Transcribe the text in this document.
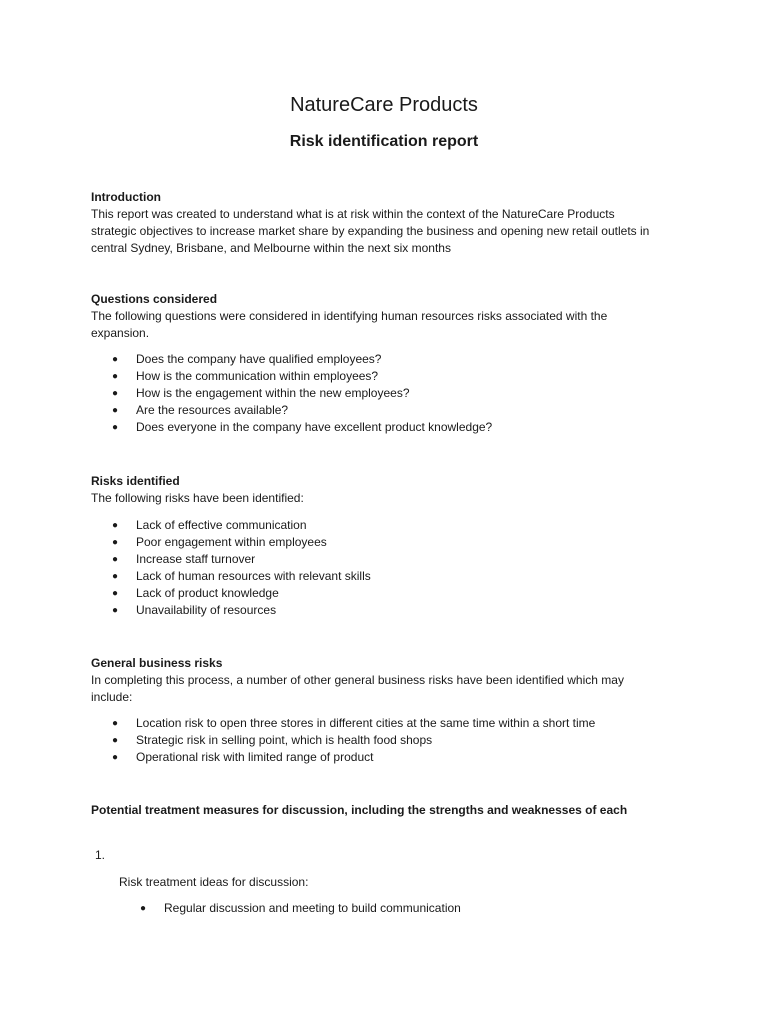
NatureCare Products
Risk identification report

Introduction

This report was created to understand what is at risk within the context of the NatureCare Products

strategic objectives to increase market share by expanding the business and opening new retail outlets in

central Sydney, Brisbane, and Melbourne within the next six months

Questions considered

The following questions were considered in identifying human resources risks associated with the

expansion.

● Does the company have qualified employees?
● How is the communication within employees?
● How is the engagement within the new employees?
● Are the resources available?
● Does everyone in the company have excellent product knowledge?

Risks identified

The following risks have been identified:

● Lack of effective communication
● Poor engagement within employees
● Increase staff turnover
● Lack of human resources with relevant skills
● Lack of product knowledge
● Unavailability of resources

General business risks

In completing this process, a number of other general business risks have been identified which may

include:

● Location risk to open three stores in different cities at the same time within a short time
● Strategic risk in selling point, which is health food shops
● Operational risk with limited range of product

Potential treatment measures for discussion, including the strengths and weaknesses of each

1.
Risk treatment ideas for discussion:
● Regular discussion and meeting to build communication
